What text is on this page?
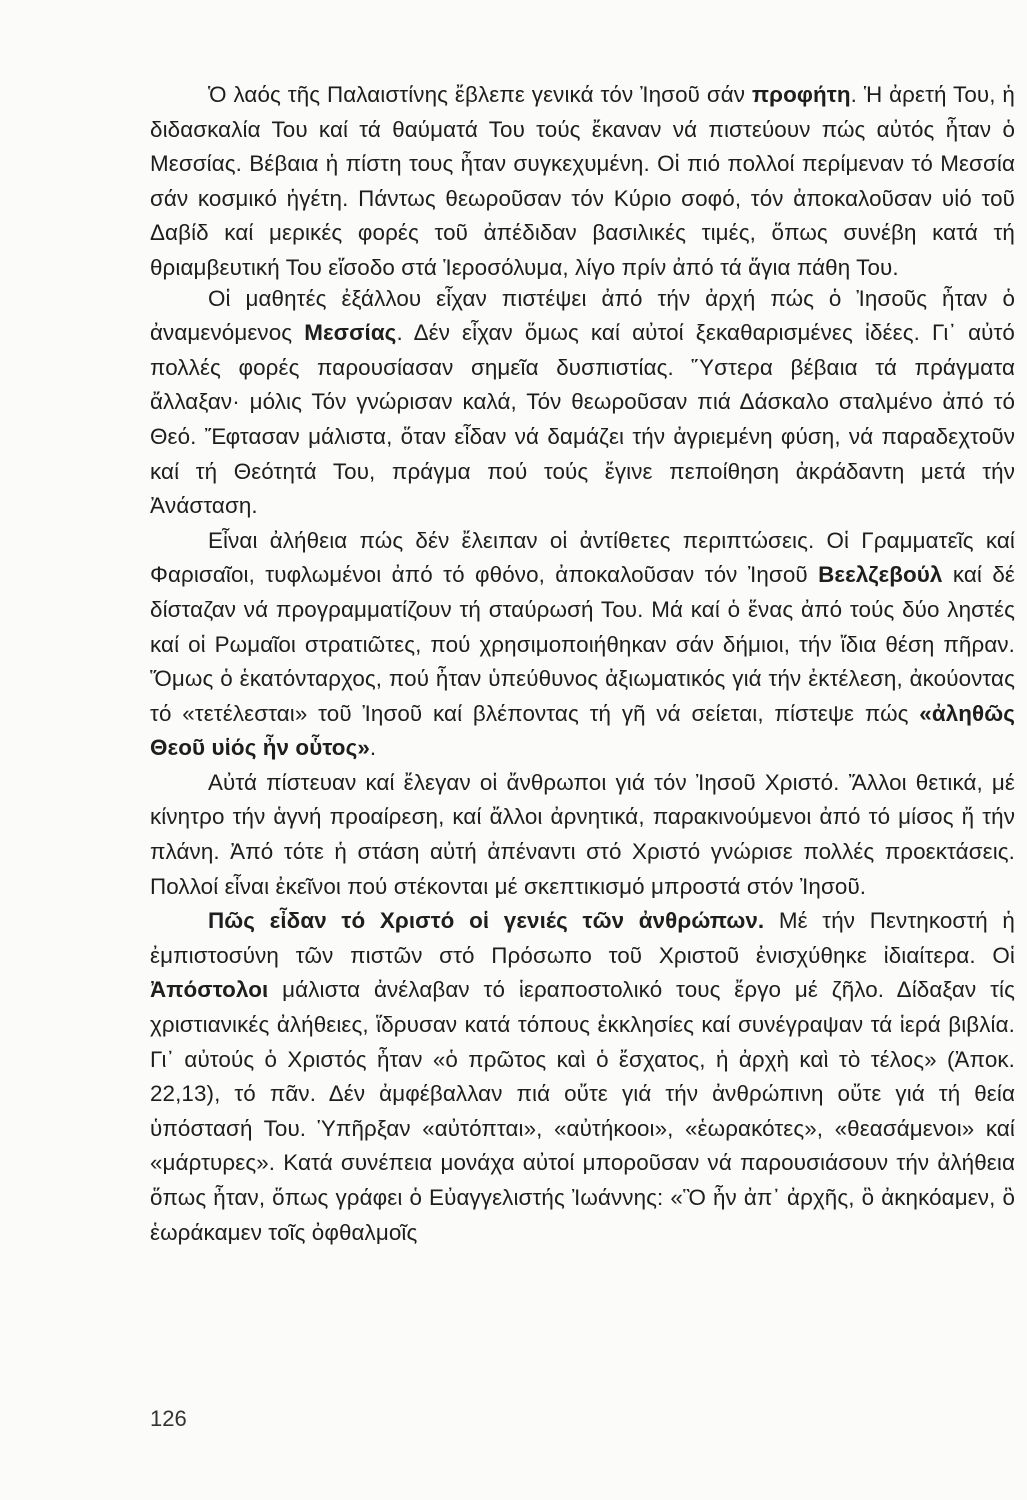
Ὁ λαός τῆς Παλαιστίνης ἔβλεπε γενικά τόν Ἰησοῦ σάν προφήτη. Ἡ ἀρετή Του, ἡ διδασκαλία Του καί τά θαύματά Του τούς ἔκαναν νά πιστεύουν πώς αὐτός ἦταν ὁ Μεσσίας. Βέβαια ἡ πίστη τους ἦταν συγκεχυμένη. Οἱ πιό πολλοί περίμεναν τό Μεσσία σάν κοσμικό ἡγέτη. Πάντως θεωροῦσαν τόν Κύριο σοφό, τόν ἀποκαλοῦσαν υἱό τοῦ Δαβίδ καί μερικές φορές τοῦ ἀπέδιδαν βασιλικές τιμές, ὅπως συνέβη κατά τή θριαμβευτική Του εἴσοδο στά Ἱεροσόλυμα, λίγο πρίν ἀπό τά ἅγια πάθη Του.

Οἱ μαθητές ἐξάλλου εἶχαν πιστέψει ἀπό τήν ἀρχή πώς ὁ Ἰησοῦς ἦταν ὁ ἀναμενόμενος Μεσσίας. Δέν εἶχαν ὅμως καί αὐτοί ξεκαθαρισμένες ἰδέες. Γι᾿ αὐτό πολλές φορές παρουσίασαν σημεῖα δυσπιστίας. Ὕστερα βέβαια τά πράγματα ἄλλαξαν· μόλις Τόν γνώρισαν καλά, Τόν θεωροῦσαν πιά Δάσκαλο σταλμένο ἀπό τό Θεό. Ἔφτασαν μάλιστα, ὅταν εἶδαν νά δαμάζει τήν ἀγριεμένη φύση, νά παραδεχτοῦν καί τή Θεότητά Του, πράγμα πού τούς ἔγινε πεποίθηση ἀκράδαντη μετά τήν Ἀνάσταση.

Εἶναι ἀλήθεια πώς δέν ἔλειπαν οἱ ἀντίθετες περιπτώσεις. Οἱ Γραμματεῖς καί Φαρισαῖοι, τυφλωμένοι ἀπό τό φθόνο, ἀποκαλοῦσαν τόν Ἰησοῦ Βεελζεβούλ καί δέ δίσταζαν νά προγραμματίζουν τή σταύρωσή Του. Μά καί ὁ ἕνας ἀπό τούς δύο ληστές καί οἱ Ρωμαῖοι στρατιῶτες, πού χρησιμοποιήθηκαν σάν δήμιοι, τήν ἴδια θέση πῆραν. Ὅμως ὁ ἑκατόνταρχος, πού ἦταν ὑπεύθυνος ἀξιωματικός γιά τήν ἐκτέλεση, ἀκούοντας τό «τετέλεσται» τοῦ Ἰησοῦ καί βλέποντας τή γῆ νά σείεται, πίστεψε πώς «ἀληθῶς Θεοῦ υἱός ἦν οὗτος».

Αὐτά πίστευαν καί ἔλεγαν οἱ ἄνθρωποι γιά τόν Ἰησοῦ Χριστό. Ἄλλοι θετικά, μέ κίνητρο τήν ἁγνή προαίρεση, καί ἄλλοι ἀρνητικά, παρακινούμενοι ἀπό τό μίσος ἤ τήν πλάνη. Ἀπό τότε ἡ στάση αὐτή ἀπέναντι στό Χριστό γνώρισε πολλές προεκτάσεις. Πολλοί εἶναι ἐκεῖνοι πού στέκονται μέ σκεπτικισμό μπροστά στόν Ἰησοῦ.

Πῶς εἶδαν τό Χριστό οἱ γενιές τῶν ἀνθρώπων. Μέ τήν Πεντηκοστή ἡ ἐμπιστοσύνη τῶν πιστῶν στό Πρόσωπο τοῦ Χριστοῦ ἐνισχύθηκε ἰδιαίτερα. Οἱ Ἀπόστολοι μάλιστα ἀνέλαβαν τό ἱεραποστολικό τους ἔργο μέ ζῆλο. Δίδαξαν τίς χριστιανικές ἀλήθειες, ἵδρυσαν κατά τόπους ἐκκλησίες καί συνέγραψαν τά ἱερά βιβλία. Γι᾿ αὐτούς ὁ Χριστός ἦταν «ὁ πρῶτος καὶ ὁ ἔσχατος, ἡ ἀρχὴ καὶ τὸ τέλος» (Ἀποκ. 22,13), τό πᾶν. Δέν ἀμφέβαλλαν πιά οὔτε γιά τήν ἀνθρώπινη οὔτε γιά τή θεία ὑπόστασή Του. Ὑπῆρξαν «αὐτόπται», «αὐτήκοοι», «ἑωρακότες», «θεασάμενοι» καί «μάρτυρες». Κατά συνέπεια μονάχα αὐτοί μποροῦσαν νά παρουσιάσουν τήν ἀλήθεια ὅπως ἦταν, ὅπως γράφει ὁ Εὐαγγελιστής Ἰωάννης: «Ὃ ἦν ἀπ᾿ ἀρχῆς, ὃ ἀκηκόαμεν, ὃ ἑωράκαμεν τοῖς ὀφθαλμοῖς

126
